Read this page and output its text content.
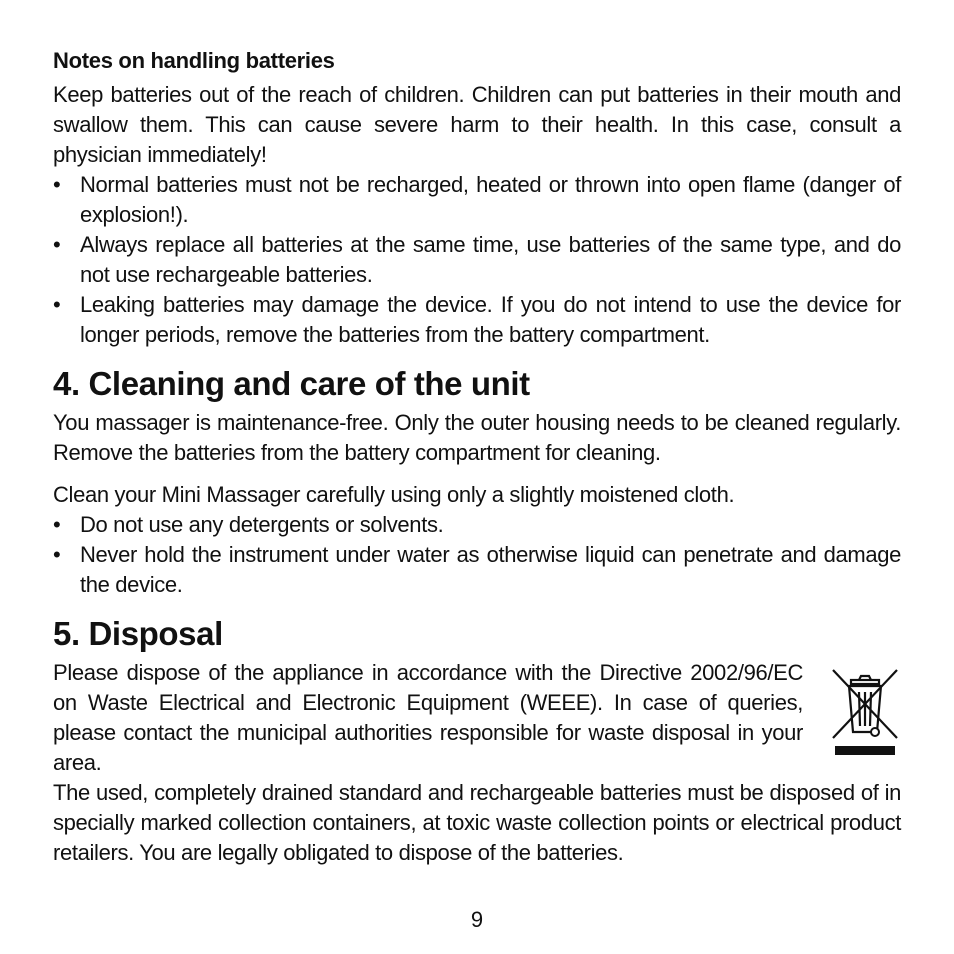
Notes on handling batteries

Keep batteries out of the reach of children. Children can put batteries in their mouth and swallow them. This can cause severe harm to their health. In this case, consult a physician immediately!

• Normal batteries must not be recharged, heated or thrown into open flame (danger of explosion!).
• Always replace all batteries at the same time, use batteries of the same type, and do not use rechargeable batteries.
• Leaking batteries may damage the device. If you do not intend to use the device for longer periods, remove the batteries from the battery compartment.
4. Cleaning and care of the unit

You massager is maintenance-free. Only the outer housing needs to be cleaned regularly. Remove the batteries from the battery compartment for cleaning.

Clean your Mini Massager carefully using only a slightly moistened cloth.

• Do not use any detergents or solvents.
• Never hold the instrument under water as otherwise liquid can penetrate and damage the device.
5. Disposal

Please dispose of the appliance in accordance with the Directive 2002/96/EC on Waste Electrical and Electronic Equipment (WEEE). In case of queries, please contact the municipal authorities responsible for waste disposal in your area.

The used, completely drained standard and rechargeable batteries must be disposed of in specially marked collection containers, at toxic waste collection points or electrical product retailers. You are legally obligated to dispose of the batteries.

9
